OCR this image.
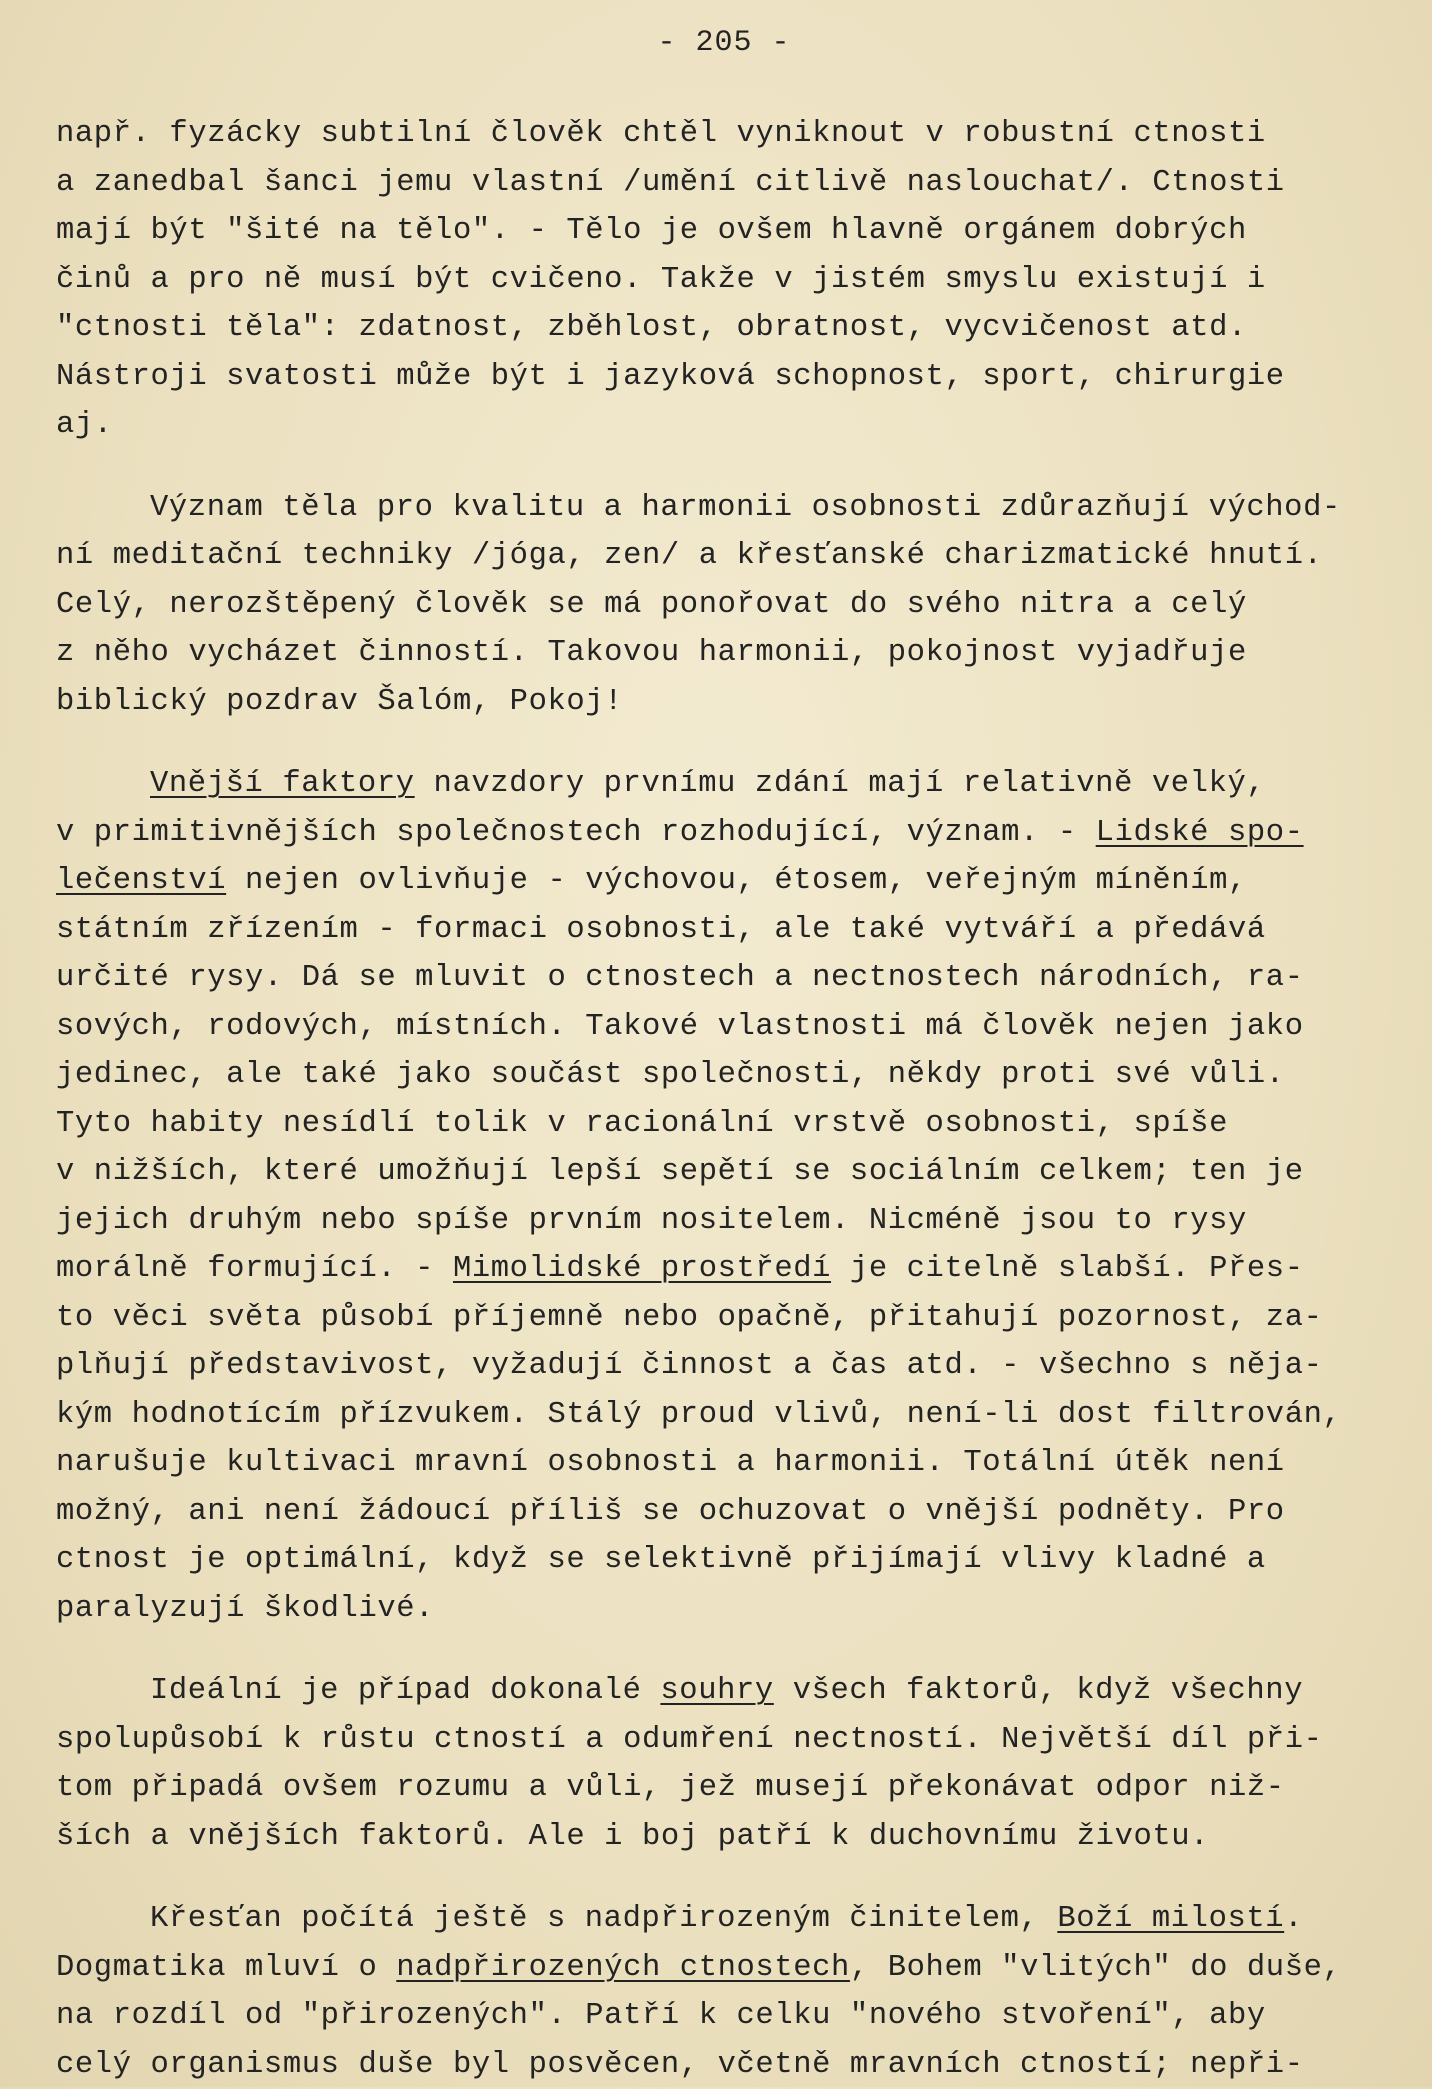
- 205 -
např. fyzácky subtilní člověk chtěl vyniknout v robustní ctnosti
a zanedbal šanci jemu vlastní /umění citlivě naslouchat/. Ctnosti
mají být "šité na tělo". - Tělo je ovšem hlavně orgánem dobrých
činů a pro ně musí být cvičeno. Takže v jistém smyslu existují i
"ctnosti těla": zdatnost, zběhlost, obratnost, vycvičenost atd.
Nástroji svatosti může být i jazyková schopnost, sport, chirurgie
aj.
Význam těla pro kvalitu a harmonii osobnosti zdůrazňují východ-
ní meditační techniky /jóga, zen/ a křesťanské charizmatické hnutí.
Celý, nerozštěpený člověk se má ponořovat do svého nitra a celý
z něho vycházet činností. Takovou harmonii, pokojnost vyjadřuje
biblický pozdrav Šalóm, Pokoj!
Vnější faktory navzdory prvnímu zdání mají relativně velký,
v primitivnějších společnostech rozhodující, význam. - Lidské spo-
lečenství nejen ovlivňuje - výchovou, étosem, veřejným míněním,
státním zřízením - formaci osobnosti, ale také vytváří a předává
určité rysy. Dá se mluvit o ctnostech a nectnostech národních, ra-
sových, rodových, místních. Takové vlastnosti má člověk nejen jako
jedinec, ale také jako součást společnosti, někdy proti své vůli.
Tyto habity nesídlí tolik v racionální vrstvě osobnosti, spíše
v nižších, které umožňují lepší sepětí se sociálním celkem; ten je
jejich druhým nebo spíše prvním nositelem. Nicméně jsou to rysy
morálně formující. - Mimolidské prostředí je citelně slabší. Přes-
to věci světa působí příjemně nebo opačně, přitahují pozornost, za-
plňují představivost, vyžadují činnost a čas atd. - všechno s něja-
kým hodnotícím přízvukem. Stálý proud vlivů, není-li dost filtrován,
narušuje kultivaci mravní osobnosti a harmonii. Totální útěk není
možný, ani není žádoucí příliš se ochuzovat o vnější podněty. Pro
ctnost je optimální, když se selektivně přijímají vlivy kladné a
paralyzují škodlivé.
Ideální je případ dokonalé souhry všech faktorů, když všechny
spolupůsobí k růstu ctností a odumření nectností. Největší díl při-
tom připadá ovšem rozumu a vůli, jež musejí překonávat odpor niž-
ších a vnějších faktorů. Ale i boj patří k duchovnímu životu.
Křesťan počítá ještě s nadpřirozeným činitelem, Boží milostí.
Dogmatika mluví o nadpřirozených ctnostech, Bohem "vlitých" do duše,
na rozdíl od "přirozených". Patří k celku "nového stvoření", aby
celý organismus duše byl posvěcen, včetně mravních ctností; nepři-
